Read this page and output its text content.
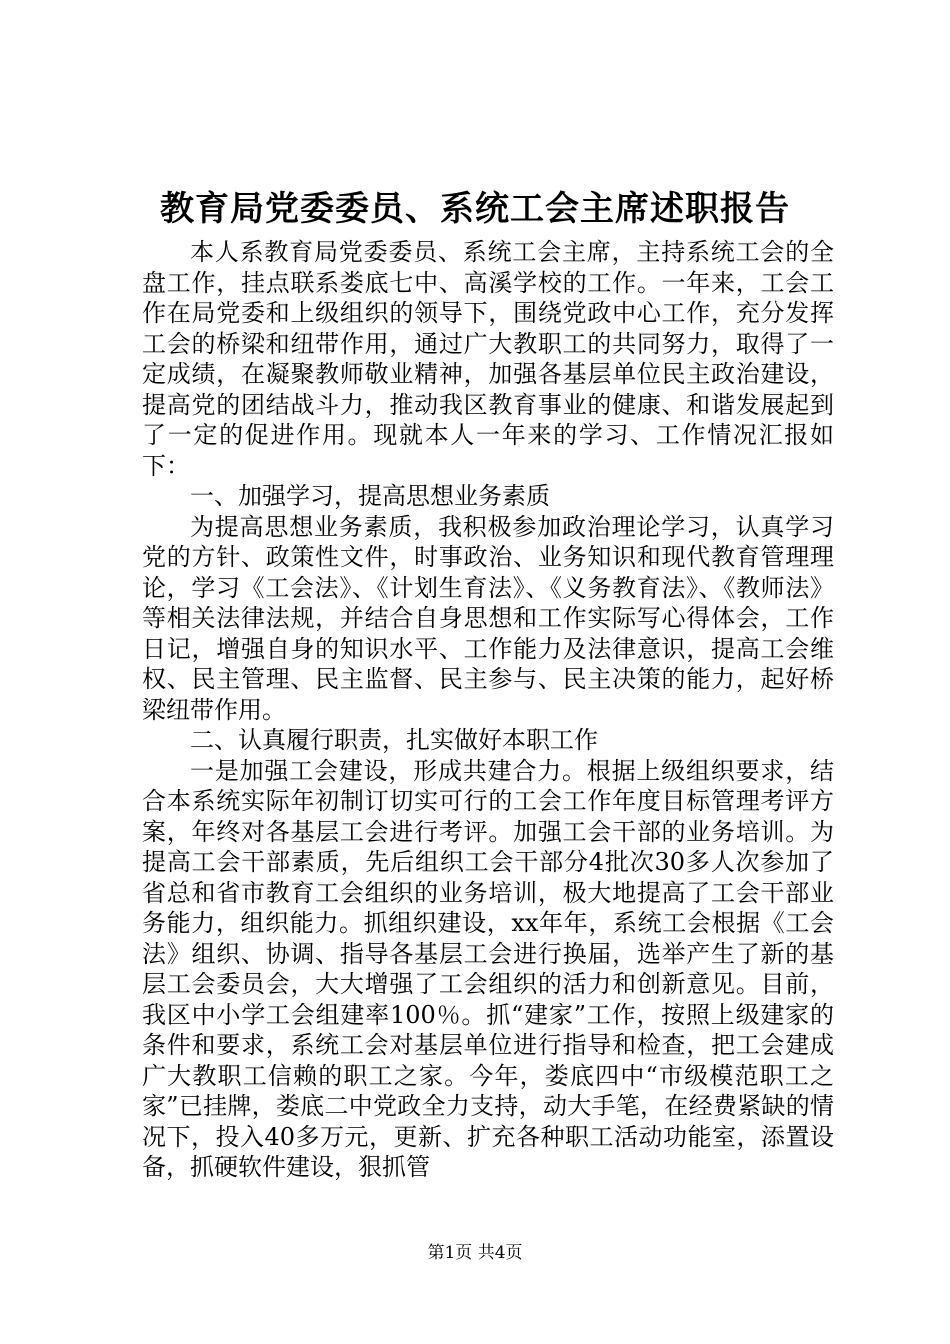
教育局党委委员、系统工会主席述职报告

本人系教育局党委委员、系统工会主席，主持系统工会的全盘工作，挂点联系娄底七中、高溪学校的工作。一年来，工会工作在局党委和上级组织的领导下，围绕党政中心工作，充分发挥工会的桥梁和纽带作用，通过广大教职工的共同努力，取得了一定成绩，在凝聚教师敬业精神，加强各基层单位民主政治建设，提高党的团结战斗力，推动我区教育事业的健康、和谐发展起到了一定的促进作用。现就本人一年来的学习、工作情况汇报如下：

一、加强学习，提高思想业务素质

为提高思想业务素质，我积极参加政治理论学习，认真学习党的方针、政策性文件，时事政治、业务知识和现代教育管理理论，学习《工会法》、《计划生育法》、《义务教育法》、《教师法》等相关法律法规，并结合自身思想和工作实际写心得体会，工作日记，增强自身的知识水平、工作能力及法律意识，提高工会维权、民主管理、民主监督、民主参与、民主决策的能力，起好桥梁纽带作用。

二、认真履行职责，扎实做好本职工作

一是加强工会建设，形成共建合力。根据上级组织要求，结合本系统实际年初制订切实可行的工会工作年度目标管理考评方案，年终对各基层工会进行考评。加强工会干部的业务培训。为提高工会干部素质，先后组织工会干部分4批次30多人次参加了省总和省市教育工会组织的业务培训，极大地提高了工会干部业务能力，组织能力。抓组织建设，xx年年，系统工会根据《工会法》组织、协调、指导各基层工会进行换届，选举产生了新的基层工会委员会，大大增强了工会组织的活力和创新意见。目前，我区中小学工会组建率100％。抓“建家”工作，按照上级建家的条件和要求，系统工会对基层单位进行指导和检查，把工会建成广大教职工信赖的职工之家。今年，娄底四中“市级模范职工之家”已挂牌，娄底二中党政全力支持，动大手笔，在经费紧缺的情况下，投入40多万元，更新、扩充各种职工活动功能室，添置设备，抓硬软件建设，狠抓管

第1页 共4页
